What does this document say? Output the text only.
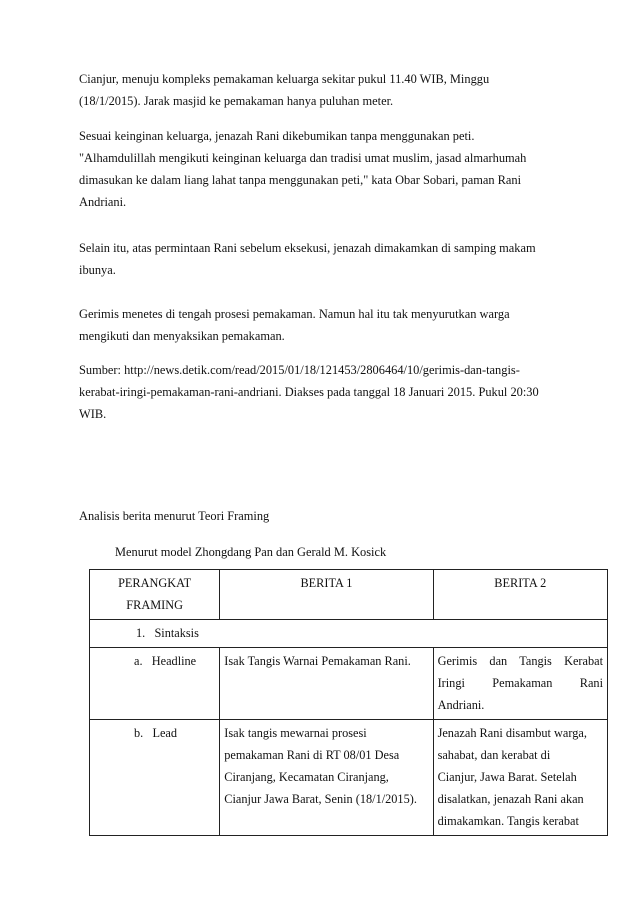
Cianjur, menuju kompleks pemakaman keluarga sekitar pukul 11.40 WIB, Minggu
(18/1/2015). Jarak masjid ke pemakaman hanya puluhan meter.

Sesuai keinginan keluarga, jenazah Rani dikebumikan tanpa menggunakan peti.
"Alhamdulillah mengikuti keinginan keluarga dan tradisi umat muslim, jasad almarhumah
dimasukan ke dalam liang lahat tanpa menggunakan peti," kata Obar Sobari, paman Rani
Andriani.

Selain itu, atas permintaan Rani sebelum eksekusi, jenazah dimakamkan di samping makam
ibunya.

Gerimis menetes di tengah prosesi pemakaman. Namun hal itu tak menyurutkan warga
mengikuti dan menyaksikan pemakaman.

Sumber: http://news.detik.com/read/2015/01/18/121453/2806464/10/gerimis-dan-tangis-
kerabat-iringi-pemakaman-rani-andriani. Diakses pada tanggal 18 Januari 2015. Pukul 20:30
WIB.

Analisis berita menurut Teori Framing

Menurut model Zhongdang Pan dan Gerald M. Kosick
PERANGKAT
FRAMING	BERITA 1	BERITA 2
1.   Sintaksis		
a.   Headline	Isak Tangis Warnai Pemakaman Rani.	Gerimis dan Tangis Kerabat
Iringi Pemakaman Rani
Andriani.

b.   Lead	Isak tangis mewarnai prosesi
pemakaman Rani di RT 08/01 Desa
Ciranjang, Kecamatan Ciranjang,
Cianjur Jawa Barat, Senin (18/1/2015).	Jenazah Rani disambut warga,
sahabat, dan kerabat di
Cianjur, Jawa Barat. Setelah
disalatkan, jenazah Rani akan
dimakamkan. Tangis kerabat
